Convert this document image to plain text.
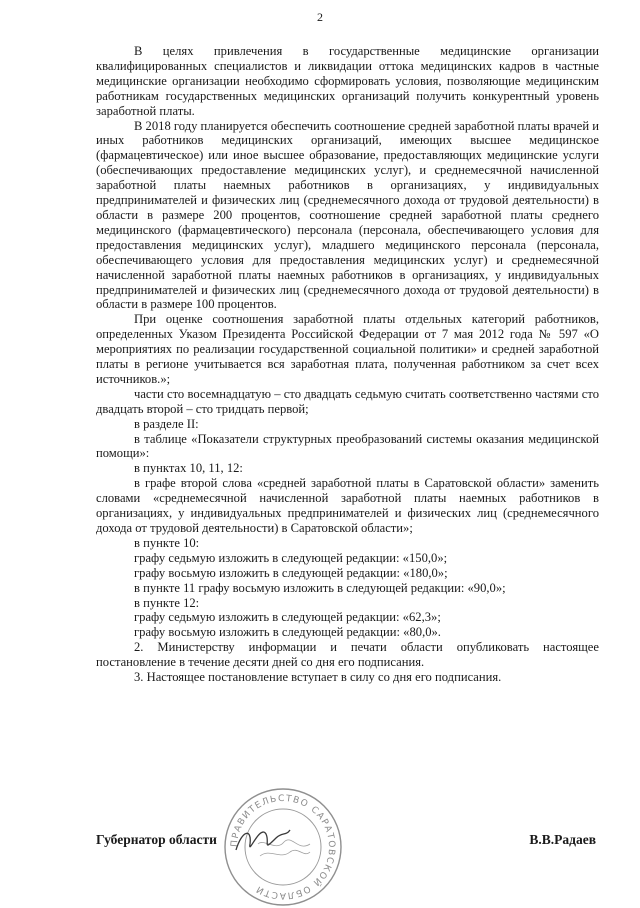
2

В целях привлечения в государственные медицинские организации квалифицированных специалистов и ликвидации оттока медицинских кадров в частные медицинские организации необходимо сформировать условия, позволяющие медицинским работникам государственных медицинских организаций получить конкурентный уровень заработной платы.

В 2018 году планируется обеспечить соотношение средней заработной платы врачей и иных работников медицинских организаций, имеющих высшее медицинское (фармацевтическое) или иное высшее образование, предоставляющих медицинские услуги (обеспечивающих предоставление медицинских услуг), и среднемесячной начисленной заработной платы наемных работников в организациях, у индивидуальных предпринимателей и физических лиц (среднемесячного дохода от трудовой деятельности) в области в размере 200 процентов, соотношение средней заработной платы среднего медицинского (фармацевтического) персонала (персонала, обеспечивающего условия для предоставления медицинских услуг), младшего медицинского персонала (персонала, обеспечивающего условия для предоставления медицинских услуг) и среднемесячной начисленной заработной платы наемных работников в организациях, у индивидуальных предпринимателей и физических лиц (среднемесячного дохода от трудовой деятельности) в области в размере 100 процентов.

При оценке соотношения заработной платы отдельных категорий работников, определенных Указом Президента Российской Федерации от 7 мая 2012 года № 597 «О мероприятиях по реализации государственной социальной политики» и средней заработной платы в регионе учитывается вся заработная плата, полученная работником за счет всех источников.»;

части сто восемнадцатую – сто двадцать седьмую считать соответственно частями сто двадцать второй – сто тридцать первой;

в разделе II:

в таблице «Показатели структурных преобразований системы оказания медицинской помощи»:

в пунктах 10, 11, 12:

в графе второй слова «средней заработной платы в Саратовской области» заменить словами «среднемесячной начисленной заработной платы наемных работников в организациях, у индивидуальных предпринимателей и физических лиц (среднемесячного дохода от трудовой деятельности) в Саратовской области»;

в пункте 10:

графу седьмую изложить в следующей редакции: «150,0»;

графу восьмую изложить в следующей редакции: «180,0»;

в пункте 11 графу восьмую изложить в следующей редакции: «90,0»;

в пункте 12:

графу седьмую изложить в следующей редакции: «62,3»;

графу восьмую изложить в следующей редакции: «80,0».

2. Министерству информации и печати области опубликовать настоящее постановление в течение десяти дней со дня его подписания.

3. Настоящее постановление вступает в силу со дня его подписания.

ПРАВИТЕЛЬСТВО САРАТОВСКОЙ ОБЛАСТИ
Губернатор области	В.В.Радаев
